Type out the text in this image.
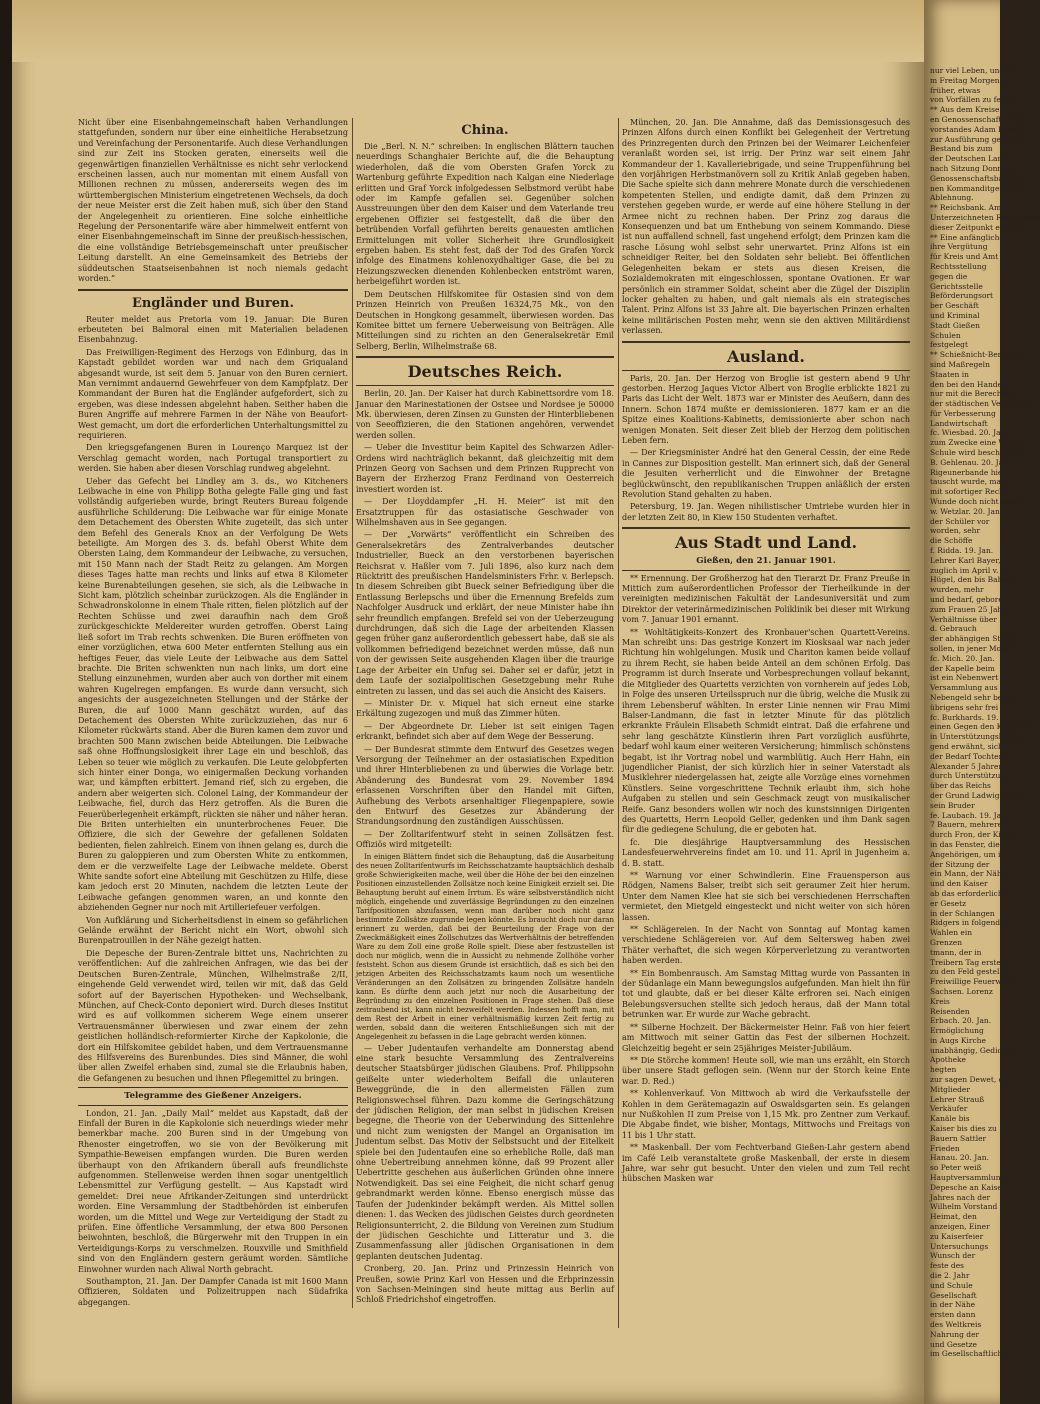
Nicht über eine Eisenbahngemeinschaft haben Verhandlungen stattgefunden, sondern nur über eine einheitliche Herabsetzung und Vereinfachung der Personentarife. Auch diese Verhandlungen sind zur Zeit ins Stocken geraten, einerseits weil die gegenwärtigen finanziellen Verhältnisse es nicht sehr verlockend erscheinen lassen, auch nur momentan mit einem Ausfall von Millionen rechnen zu müssen, andererseits wegen des im württembergischen Ministerium eingetretenen Wechsels, da doch der neue Meister erst die Zeit haben muß, sich über den Stand der Angelegenheit zu orientieren. Eine solche einheitliche Regelung der Personentarife wäre aber himmelweit entfernt von einer Eisenbahngemeinschaft im Sinne der preußisch-hessischen, die eine vollständige Betriebsgemeinschaft unter preußischer Leitung darstellt. An eine Gemeinsamkeit des Betriebs der süddeutschen Staatseisenbahnen ist noch niemals gedacht worden.“

Engländer und Buren.

Reuter meldet aus Pretoria vom 19. Januar: Die Buren erbeuteten bei Balmoral einen mit Materialien beladenen Eisenbahnzug.

Das Freiwilligen-Regiment des Herzogs von Edinburg, das in Kapstadt gebildet worden war und nach dem Griqualand abgesandt wurde, ist seit dem 5. Januar von den Buren cerniert. Man vernimmt andauernd Gewehrfeuer von dem Kampfplatz. Der Kommandant der Buren hat die Engländer aufgefordert, sich zu ergeben, was diese indessen abgelehnt haben. Seither haben die Buren Angriffe auf mehrere Farmen in der Nähe von Beaufort-West gemacht, um dort die erforderlichen Unterhaltungsmittel zu requirieren.

Den kriegsgefangenen Buren in Lourenço Marquez ist der Verschlag gemacht worden, nach Portugal transportiert zu werden. Sie haben aber diesen Vorschlag rundweg abgelehnt.

Ueber das Gefecht bei Lindley am 3. ds., wo Kitcheners Leibwache in eine von Philipp Botha gelegte Falle ging und fast vollständig aufgerieben wurde, bringt Reuters Bureau folgende ausführliche Schilderung: Die Leibwache war für einige Monate dem Detachement des Obersten White zugeteilt, das sich unter dem Befehl des Generals Knox an der Verfolgung De Wets beteiligte. Am Morgen des 3. ds. befahl Oberst White dem Obersten Laing, dem Kommandeur der Leibwache, zu versuchen, mit 150 Mann nach der Stadt Reitz zu gelangen. Am Morgen dieses Tages hatte man rechts und links auf etwa 8 Kilometer keine Burenabteilungen gesehen, sie sich, als die Leibwache in Sicht kam, plötzlich scheinbar zurückzogen. Als die Engländer in Schwadronskolonne in einem Thale ritten, fielen plötzlich auf der Rechten Schüsse und zwei daraufhin nach dem Groß zurückgeschickte Meldereiter wurden getroffen. Oberst Laing ließ sofort im Trab rechts schwenken. Die Buren eröffneten von einer vorzüglichen, etwa 600 Meter entfernten Stellung aus ein heftiges Feuer, das viele Leute der Leibwache aus dem Sattel brachte. Die Briten schwenkten nun nach links, um dort eine Stellung einzunehmen, wurden aber auch von dorther mit einem wahren Kugelregen empfangen. Es wurde dann versucht, sich angesichts der ausgezeichneten Stellungen und der Stärke der Buren, die auf 1000 Mann geschätzt wurden, auf das Detachement des Obersten White zurückzuziehen, das nur 6 Kilometer rückwärts stand. Aber die Buren kamen dem zuvor und brachten 500 Mann zwischen beide Abteilungen. Die Leibwache saß ohne Hoffnungslosigkeit ihrer Lage ein und beschloß, das Leben so teuer wie möglich zu verkaufen. Die Leute gelobpferten sich hinter einer Donga, wo einigermaßen Deckung vorhanden war, und kämpften erbittert. Jemand rief, sich zu ergeben, die andern aber weigerten sich. Colonel Laing, der Kommandeur der Leibwache, fiel, durch das Herz getroffen. Als die Buren die Feuerüberlegenheit erkämpft, rückten sie näher und näher heran. Die Briten unterhielten ein ununterbrochenes Feuer. Die Offiziere, die sich der Gewehre der gefallenen Soldaten bedienten, fielen zahlreich. Einem von ihnen gelang es, durch die Buren zu galoppieren und zum Obersten White zu entkommen, dem er die verzweifelte Lage der Leibwache meldete. Oberst White sandte sofort eine Abteilung mit Geschützen zu Hilfe, diese kam jedoch erst 20 Minuten, nachdem die letzten Leute der Leibwache gefangen genommen waren, an und konnte den abziehenden Gegner nur noch mit Artilleriefeuer verfolgen.

Von Aufklärung und Sicherheitsdienst in einem so gefährlichen Gelände erwähnt der Bericht nicht ein Wort, obwohl sich Burenpatrouillen in der Nähe gezeigt hatten.

Die Depesche der Buren-Zentrale bittet uns, Nachrichten zu veröffentlichen: Auf die zahlreichen Anfragen, wie das bei der Deutschen Buren-Zentrale, München, Wilhelmstraße 2/II, eingehende Geld verwendet wird, teilen wir mit, daß das Geld sofort auf der Bayerischen Hypotheken- und Wechselbank, München, auf Check-Conto deponiert wird. Durch dieses Institut wird es auf vollkommen sicherem Wege einem unserer Vertrauensmänner überwiesen und zwar einem der zehn geistlichen holländisch-reformierter Kirche der Kapkolonie, die dort ein Hilfskomitee gebildet haben, und dem Vertrauensmanne des Hilfsvereins des Burenbundes. Dies sind Männer, die wohl über allen Zweifel erhaben sind, zumal sie die Erlaubnis haben, die Gefangenen zu besuchen und ihnen Pflegemittel zu bringen.

Telegramme des Gießener Anzeigers.

London, 21. Jan. „Daily Mail“ meldet aus Kapstadt, daß der Einfall der Buren in die Kapkolonie sich neuerdings wieder mehr bemerkbar mache. 200 Buren sind in der Umgebung von Rhenoster eingetroffen, wo sie von der Bevölkerung mit Sympathie-Beweisen empfangen wurden. Die Buren werden überhaupt von den Afrikandern überall aufs freundlichste aufgenommen. Stellenweise werden ihnen sogar unentgeltlich Lebensmittel zur Verfügung gestellt. — Aus Kapstadt wird gemeldet: Drei neue Afrikander-Zeitungen sind unterdrückt worden. Eine Versammlung der Stadtbehörden ist einberufen worden, um die Mittel und Wege zur Verteidigung der Stadt zu prüfen. Eine öffentliche Versammlung, der etwa 800 Personen beiwohnten, beschloß, die Bürgerwehr mit den Truppen in ein Verteidigungs-Korps zu verschmelzen. Rouxville und Smithfield sind von den Engländern gestern geräumt worden. Sämtliche Einwohner wurden nach Aliwal North gebracht.

Southampton, 21. Jan. Der Dampfer Canada ist mit 1600 Mann Offizieren, Soldaten und Polizeitruppen nach Südafrika abgegangen.

China.

Die „Berl. N. N.“ schreiben: In englischen Blättern tauchen neuerdings Schanghaier Berichte auf, die die Behauptung wiederholen, daß die vom Obersten Grafen Yorck zu Wartenburg geführte Expedition nach Kalgan eine Niederlage erlitten und Graf Yorck infolgedessen Selbstmord verübt habe oder im Kampfe gefallen sei. Gegenüber solchen Ausstreuungen über den dem Kaiser und dem Vaterlande treu ergebenen Offizier sei festgestellt, daß die über den betrübenden Vorfall geführten bereits genauesten amtlichen Ermittelungen mit voller Sicherheit ihre Grundlosigkeit ergeben haben. Es steht fest, daß der Tod des Grafen Yorck infolge des Einatmens kohlenoxydhaltiger Gase, die bei zu Heizungszwecken dienenden Kohlenbecken entströmt waren, herbeigeführt worden ist.

Dem Deutschen Hilfskomitee für Ostasien sind von dem Prinzen Heinrich von Preußen 16324,75 Mk., von den Deutschen in Hongkong gesammelt, überwiesen worden. Das Komitee bittet um fernere Ueberweisung von Beiträgen. Alle Mitteilungen sind zu richten an den Generalsekretär Emil Selberg, Berlin, Wilhelmstraße 68.

Deutsches Reich.

Berlin, 20. Jan. Der Kaiser hat durch Kabinettsordre vom 18. Januar den Marinestationen der Ostsee und Nordsee je 50000 Mk. überwiesen, deren Zinsen zu Gunsten der Hinterbliebenen von Seeoffizieren, die den Stationen angehören, verwendet werden sollen.

— Ueber die Investitur beim Kapitel des Schwarzen Adler-Ordens wird nachträglich bekannt, daß gleichzeitig mit dem Prinzen Georg von Sachsen und dem Prinzen Rupprecht von Bayern der Erzherzog Franz Ferdinand von Oesterreich investiert worden ist.

— Der Lloyddampfer „H. H. Meier“ ist mit den Ersatztruppen für das ostasiatische Geschwader von Wilhelmshaven aus in See gegangen.

— Der „Vorwärts“ veröffentlicht ein Schreiben des Generalsekretärs des Zentralverbandes deutscher Industrieller, Bueck an den verstorbenen bayerischen Reichsrat v. Haßler vom 7. Juli 1896, also kurz nach dem Rücktritt des preußischen Handelsministers Frhr. v. Berlepsch. In diesem Schreiben gibt Bueck seiner Befriedigung über die Entlassung Berlepschs und über die Ernennung Brefelds zum Nachfolger Ausdruck und erklärt, der neue Minister habe ihn sehr freundlich empfangen. Brefeld sei von der Ueberzeugung durchdrungen, daß sich die Lage der arbeitenden Klassen gegen früher ganz außerordentlich gebessert habe, daß sie als vollkommen befriedigend bezeichnet werden müsse, daß nun von der gewissen Seite ausgehenden Klagen über die traurige Lage der Arbeiter ein Unfug sei. Daher sei er dafür, jetzt in dem Laufe der sozialpolitischen Gesetzgebung mehr Ruhe eintreten zu lassen, und das sei auch die Ansicht des Kaisers.

— Minister Dr. v. Miquel hat sich erneut eine starke Erkältung zugezogen und muß das Zimmer hüten.

— Der Abgeordnete Dr. Lieber ist seit einigen Tagen erkrankt, befindet sich aber auf dem Wege der Besserung.

— Der Bundesrat stimmte dem Entwurf des Gesetzes wegen Versorgung der Teilnehmer an der ostasiatischen Expedition und ihrer Hinterbliebenen zu und überwies die Vorlage betr. Abänderung des Bundesrat vom 29. November 1894 erlassenen Vorschriften über den Handel mit Giften, Aufhebung des Verbots arsenhaltiger Fliegenpapiere, sowie den Entwurf des Gesetzes zur Abänderung der Strandungsordnung den zuständigen Ausschüssen.

— Der Zolltarifentwurf steht in seinen Zollsätzen fest. Offiziös wird mitgeteilt:

In einigen Blättern findet sich die Behauptung, daß die Ausarbeitung des neuen Zolltarifentwurfs im Reichsschatzamte hauptsächlich deshalb große Schwierigkeiten mache, weil über die Höhe der bei den einzelnen Positionen einzustellenden Zollsätze noch keine Einigkeit erzielt sei. Die Behauptung beruht auf einem Irrtum. Es wäre selbstverständlich nicht möglich, eingehende und zuverlässige Begründungen zu den einzelnen Tarifpositionen abzufassen, wenn man darüber noch nicht ganz bestimmte Zollsätze zugrunde legen könnte. Es braucht doch nur daran erinnert zu werden, daß bei der Beurteilung der Frage von der Zweckmäßigkeit eines Zollschutzes das Wertverhältnis der betreffenden Ware zu dem Zoll eine große Rolle spielt. Diese aber festzustellen ist doch nur möglich, wenn die in Aussicht zu nehmende Zollhöhe vorher feststeht. Schon aus diesem Grunde ist ersichtlich, daß es sich bei den jetzigen Arbeiten des Reichsschatzamts kaum noch um wesentliche Veränderungen an den Zollsätzen zu bringenden Zollsätze handeln kann. Es dürfte denn auch jetzt nur noch die Ausarbeitung der Begründung zu den einzelnen Positionen in Frage stehen. Daß diese zeitraubend ist, kann nicht bezweifelt werden. Indessen hofft man, mit dem Rest der Arbeit in einer verhältnismäßig kurzen Zeit fertig zu werden, sobald dann die weiteren Entschließungen sich mit der Angelegenheit zu befassen in die Lage gebracht werden können.

— Ueber Judentaufen verhandelte am Donnerstag abend eine stark besuchte Versammlung des Zentralvereins deutscher Staatsbürger jüdischen Glaubens. Prof. Philippsohn geißelte unter wiederholtem Beifall die unlauteren Beweggründe, die in den allermeisten Fällen zum Religionswechsel führen. Dazu komme die Geringschätzung der jüdischen Religion, der man selbst in jüdischen Kreisen begegne, die Theorie von der Ueberwindung des Sittenlehre und nicht zum wenigsten der Mangel an Organisation im Judentum selbst. Das Motiv der Selbstsucht und der Eitelkeit spiele bei den Judentaufen eine so erhebliche Rolle, daß man ohne Uebertreibung annehmen könne, daß 99 Prozent aller Uebertritte geschehen aus äußerlichen Gründen ohne innere Notwendigkeit. Das sei eine Feigheit, die nicht scharf genug gebrandmarkt werden könne. Ebenso energisch müsse das Taufen der Judenkinder bekämpft werden. Als Mittel sollen dienen: 1. das Wecken des jüdischen Geistes durch geordneten Religionsunterricht, 2. die Bildung von Vereinen zum Studium der jüdischen Geschichte und Litteratur und 3. die Zusammenfassung aller jüdischen Organisationen in dem geplanten deutschen Judentag.

Cronberg, 20. Jan. Prinz und Prinzessin Heinrich von Preußen, sowie Prinz Karl von Hessen und die Erbprinzessin von Sachsen-Meiningen sind heute mittag aus Berlin auf Schloß Friedrichshof eingetroffen.

München, 20. Jan. Die Annahme, daß das Demissionsgesuch des Prinzen Alfons durch einen Konflikt bei Gelegenheit der Vertretung des Prinzregenten durch den Prinzen bei der Weimarer Leichenfeier veranlaßt worden sei, ist irrig. Der Prinz war seit einem Jahr Kommandeur der 1. Kavalleriebrigade, und seine Truppenführung bei den vorjährigen Herbstmanövern soll zu Kritik Anlaß gegeben haben. Die Sache spielte sich dann mehrere Monate durch die verschiedenen kompetenten Stellen, und endigte damit, daß dem Prinzen zu verstehen gegeben wurde, er werde auf eine höhere Stellung in der Armee nicht zu rechnen haben. Der Prinz zog daraus die Konsequenzen und bat um Enthebung von seinem Kommando. Diese ist nun auffallend schnell, fast ungehend erfolgt; dem Prinzen kam die rasche Lösung wohl selbst sehr unerwartet. Prinz Alfons ist ein schneidiger Reiter, bei den Soldaten sehr beliebt. Bei öffentlichen Gelegenheiten bekam er stets aus diesen Kreisen, die Sozialdemokraten mit eingeschlossen, spontane Ovationen. Er war persönlich ein strammer Soldat, scheint aber die Zügel der Disziplin locker gehalten zu haben, und galt niemals als ein strategisches Talent. Prinz Alfons ist 33 Jahre alt. Die bayerischen Prinzen erhalten keine militärischen Posten mehr, wenn sie den aktiven Militärdienst verlassen.

Ausland.

Paris, 20. Jan. Der Herzog von Broglie ist gestern abend 9 Uhr gestorben. Herzog Jaques Victor Albert von Broglie erblickte 1821 zu Paris das Licht der Welt. 1873 war er Minister des Aeußern, dann des Innern. Schon 1874 mußte er demissionieren. 1877 kam er an die Spitze eines Koalitions-Kabinetts, demissionierte aber schon nach wenigen Monaten. Seit dieser Zeit blieb der Herzog dem politischen Leben fern.

— Der Kriegsminister André hat den General Cessin, der eine Rede in Cannes zur Disposition gestellt. Man erinnert sich, daß der General die Jesuiten verherrlicht und die Einwohner der Bretagne beglückwünscht, den republikanischen Truppen anläßlich der ersten Revolution Stand gehalten zu haben.

Petersburg, 19. Jan. Wegen nihilistischer Umtriebe wurden hier in der letzten Zeit 80, in Kiew 150 Studenten verhaftet.

Aus Stadt und Land.
Gießen, den 21. Januar 1901.

** Ernennung. Der Großherzog hat den Tierarzt Dr. Franz Preuße in Mittich zum außerordentlichen Professor der Tierheilkunde in der vereinigten medizinischen Fakultät der Landesuniversität und zum Direktor der veterinärmedizinischen Poliklinik bei dieser mit Wirkung vom 7. Januar 1901 ernannt.

** Wohltätigkeits-Konzert des Kronbauer'schen Quartett-Vereins. Man schreibt uns: Das gestrige Konzert im Kiosksaal war nach jeder Richtung hin wohlgelungen. Musik und Chariton kamen beide vollauf zu ihrem Recht, sie haben beide Anteil an dem schönen Erfolg. Das Programm ist durch Inserate und Vorbesprechungen vollauf bekannt, die Mitglieder des Quartetts verzichten von vornherein auf jedes Lob, in Folge des unseren Urteilsspruch nur die übrig, welche die Musik zu ihrem Lebensberuf wählten. In erster Linie nennen wir Frau Mimi Balser-Landmann, die fast in letzter Minute für das plötzlich erkrankte Fräulein Elisabeth Schmidt eintrat. Daß die erfahrene und sehr lang geschätzte Künstlerin ihren Part vorzüglich ausführte, bedarf wohl kaum einer weiteren Versicherung; himmlisch schönstens begabt, ist ihr Vortrag nobel und warmblütig. Auch Herr Hahn, ein jugendlicher Pianist, der sich kürzlich hier in seiner Vaterstadt als Musiklehrer niedergelassen hat, zeigte alle Vorzüge eines vornehmen Künstlers. Seine vorgeschrittene Technik erlaubt ihm, sich hohe Aufgaben zu stellen und sein Geschmack zeugt von musikalischer Reife. Ganz besonders wollen wir noch des kunstsinnigen Dirigenten des Quartetts, Herrn Leopold Geller, gedenken und ihm Dank sagen für die gediegene Schulung, die er geboten hat.

fc. Die diesjährige Hauptversammlung des Hessischen Landesfeuerwehrvereins findet am 10. und 11. April in Jugenheim a. d. B. statt.

** Warnung vor einer Schwindlerin. Eine Frauensperson aus Rödgen, Namens Balser, treibt sich seit geraumer Zeit hier herum. Unter dem Namen Klee hat sie sich bei verschiedenen Herrschaften vermietet, den Mietgeld eingesteckt und nicht weiter von sich hören lassen.

** Schlägereien. In der Nacht von Sonntag auf Montag kamen verschiedene Schlägereien vor. Auf dem Seltersweg haben zwei Thäter verhaftet, die sich wegen Körperverletzung zu verantworten haben werden.

** Ein Bombenrausch. Am Samstag Mittag wurde von Passanten in der Südanlage ein Mann bewegungslos aufgefunden. Man hielt ihn für tot und glaubte, daß er bei dieser Kälte erfroren sei. Nach einigen Belebungsversuchen stellte sich jedoch heraus, daß der Mann total betrunken war. Er wurde zur Wache gebracht.

** Silberne Hochzeit. Der Bäckermeister Heinr. Faß von hier feiert am Mittwoch mit seiner Gattin das Fest der silbernen Hochzeit. Gleichzeitig begeht er sein 25jähriges Meister-Jubiläum.

** Die Störche kommen! Heute soll, wie man uns erzählt, ein Storch über unsere Stadt geflogen sein. (Wenn nur der Storch keine Ente war. D. Red.)

** Kohlenverkauf. Von Mittwoch ab wird die Verkaufsstelle der Kohlen in dem Gerätemagazin auf Oswaldsgarten sein. Es gelangen nur Nußkohlen II zum Preise von 1,15 Mk. pro Zentner zum Verkauf. Die Abgabe findet, wie bisher, Montags, Mittwochs und Freitags von 11 bis 1 Uhr statt.

** Maskenball. Der vom Fechtverband Gießen-Lahr gestern abend im Café Leib veranstaltete große Maskenball, der erste in diesem Jahre, war sehr gut besucht. Unter den vielen und zum Teil recht hübschen Masken war

nur viel Leben, und da
m Freitag Morgen an
früher, etwas
von Vorfällen zu feiern.
** Aus dem Kreise
en Genossenschafts-Vorst.
vorstandes Adam Donner
zur Ausführung gelangt.
Bestand bis zum
der Deutschen Land-
nach Sitzung Donners
Genossenschaftsbank in
nen Kommanditgesellsch.
Ablehnung.
** Reichsbank. Am
Unterzeichneten Reichsbank
dieser Zeitpunkt erreicht
** Eine anfängliche
ihre Vergütung
für Kreis und Amt
Rechtsstellung
gegen die
Gerichtsstelle
Beförderungsort
ber Geschäft
und Kriminal
Stadt Gießen
Schulen
festgelegt
** Schießnicht-Berechtig.
sind Maßregeln
Staaten in
den bei den Handelsk.
nur mit die Berechtig.
der städtischen Verwaltung
für Verbesserung
Landwirtschaft
fc. Wiesbad. 20. Jan.
zum Zwecke eine Wasser
Schule wird beschäftigt
B. Gehlenau. 20. Jan.
Rigeunerbande hier
tauscht wurde, man
mit sofortiger Reche
Wunde doch nicht mehr
w. Wetzlar. 20. Jan.
der Schüler vor
worden, sehr
die Schöffe
f. Ridda. 19. Jan.
Lehrer Karl Bayer, der
zuglich im April v. J.
Hügel, den bis Bahnen
wurden, mehr
und bedarf, geborene
zum Frauen 25 Jahre
Verhältnisse über
d. Gebrauch
der abhängigen Streng.
sollen, in jener Monst
fc. Mich. 20. Jan.
der Kapelle beim
ist ein Nebenwert
Versammlung aus
Nebengeld sehr bereit
übrigens sehr frei
fc. Burkhards. 19.
einen Gegen den Kaufmann
in Unterstützungsbezug
gend erwähnt, sich
der Bedarf Tochtern
Alexander 5 Jahren
durch Unterstützung
über das Reichs
der Grund Ladwig Kaiser
sein Bruder
fe. Laubach. 19. Jan.
7 Bauern, mehrere
durch Fron, der Kirche
in das Fenster, die
Angehörigen, um in
der Sitzung der
ein Mann, der Nähe
und den Kaiser
ab das erforderliche
er Gesetz
in der Schlangen
Ridgers in folgenden
Wahlen ein
Grenzen
tmann, der in
Treibern Tag erstellt
zu den Feld gestellt
Freiwillige Feuerwehr
Sachsen. Lorenz
Kreis
Reisenden
Erbach. 20. Jan.
Ermöglichung
in Augs Kirche
unabhängig, Gedichts
Apotheke
hegten
zur sagen Dewet, en
Mitglieder
Lehrer Strauß
Verkäufer
Kanäle bis
Kaiser bis dies zu
Bauern Sattler
Frieden
Hanau. 20. Jan.
so Peter weiß
Hauptversammlung
Depesche an Kaiser
Jahres nach der
Wilhelm Vorstand
Heimat, den
anzeigen, Einer
zu Kaiserfeier
Untersuchungs
Wunsch der
feste des
die 2. Jahr
und Schule
Gesellschaft
in der Nähe
ersten dann
des Weltkreis
Nahrung der
und Gesetze
im Gesellschaftlichen
